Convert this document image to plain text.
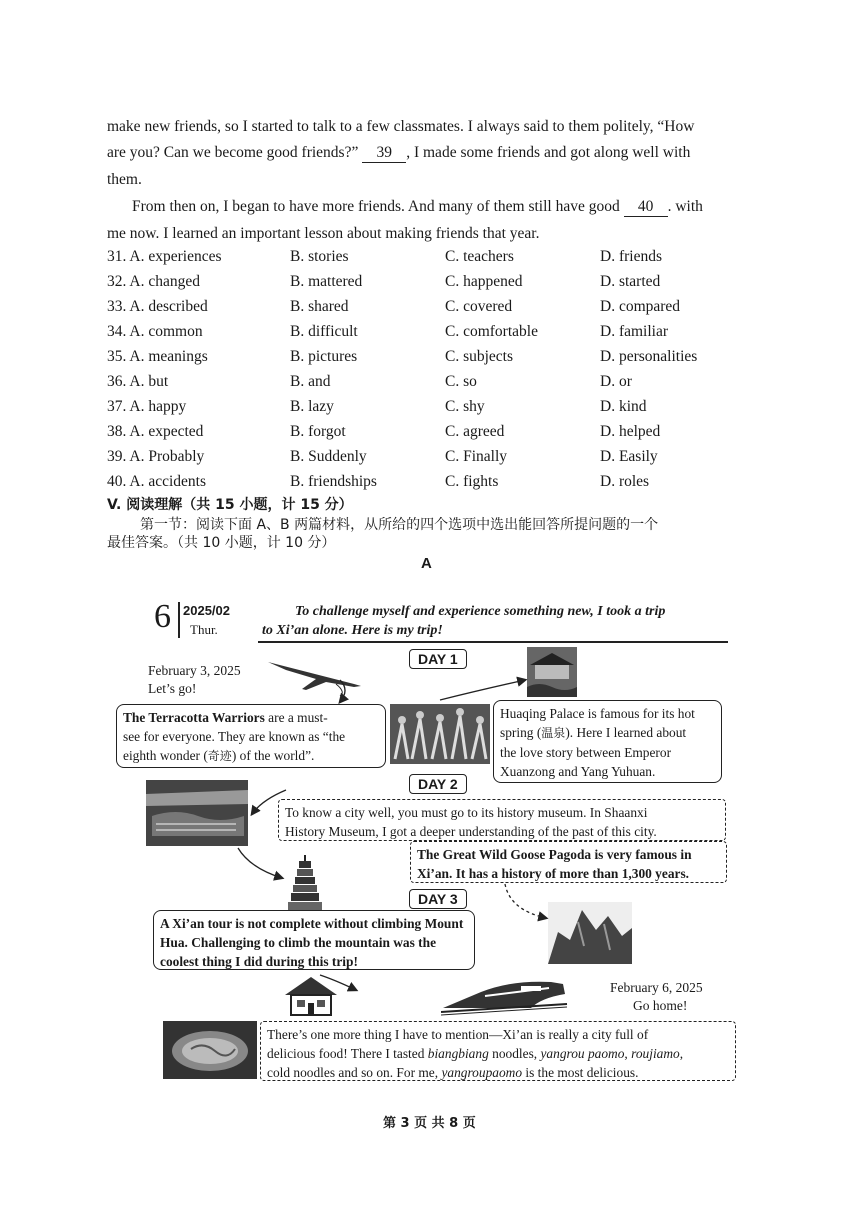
make new friends, so I started to talk to a few classmates. I always said to them politely, “How
are you? Can we become good friends?” 39 , I made some friends and got along well with
them.
From then on, I began to have more friends. And many of them still have good 40 . with
me now. I learned an important lesson about making friends that year.
31. A. experiences	B. stories	C. teachers	D. friends
32. A. changed	B. mattered	C. happened	D. started
33. A. described	B. shared	C. covered	D. compared
34. A. common	B. difficult	C. comfortable	D. familiar
35. A. meanings	B. pictures	C. subjects	D. personalities
36. A. but	B. and	C. so	D. or
37. A. happy	B. lazy	C. shy	D. kind
38. A. expected	B. forgot	C. agreed	D. helped
39. A. Probably	B. Suddenly	C. Finally	D. Easily
40. A. accidents	B. friendships	C. fights	D. roles
V. 阅读理解（共 15 小题，计 15 分）
第一节：阅读下面 A、B 两篇材料，从所给的四个选项中选出能回答所提问题的一个
最佳答案。（共 10 小题，计 10 分）
A
6 2025/02
Thur.
To challenge myself and experience something new, I took a trip
to Xi’an alone. Here is my trip!
DAY 1
DAY 2
DAY 3
February 3, 2025
Let’s go!
The Terracotta Warriors are a must-
see for everyone. They are known as “the
eighth wonder (奇迹) of the world”.
Huaqing Palace is famous for its hot
spring (温泉). Here I learned about
the love story between Emperor
Xuanzong and Yang Yuhuan.
To know a city well, you must go to its history museum. In Shaanxi
History Museum, I got a deeper understanding of the past of this city.
The Great Wild Goose Pagoda is very famous in
Xi’an. It has a history of more than 1,300 years.
A Xi’an tour is not complete without climbing Mount
Hua. Challenging to climb the mountain was the
coolest thing I did during this trip!
February 6, 2025
Go home!
There’s one more thing I have to mention—Xi’an is really a city full of
delicious food! There I tasted biangbiang noodles, yangrou paomo, roujiamo,
cold noodles and so on. For me, yangroupaomo is the most delicious.
第 3 页 共 8 页
